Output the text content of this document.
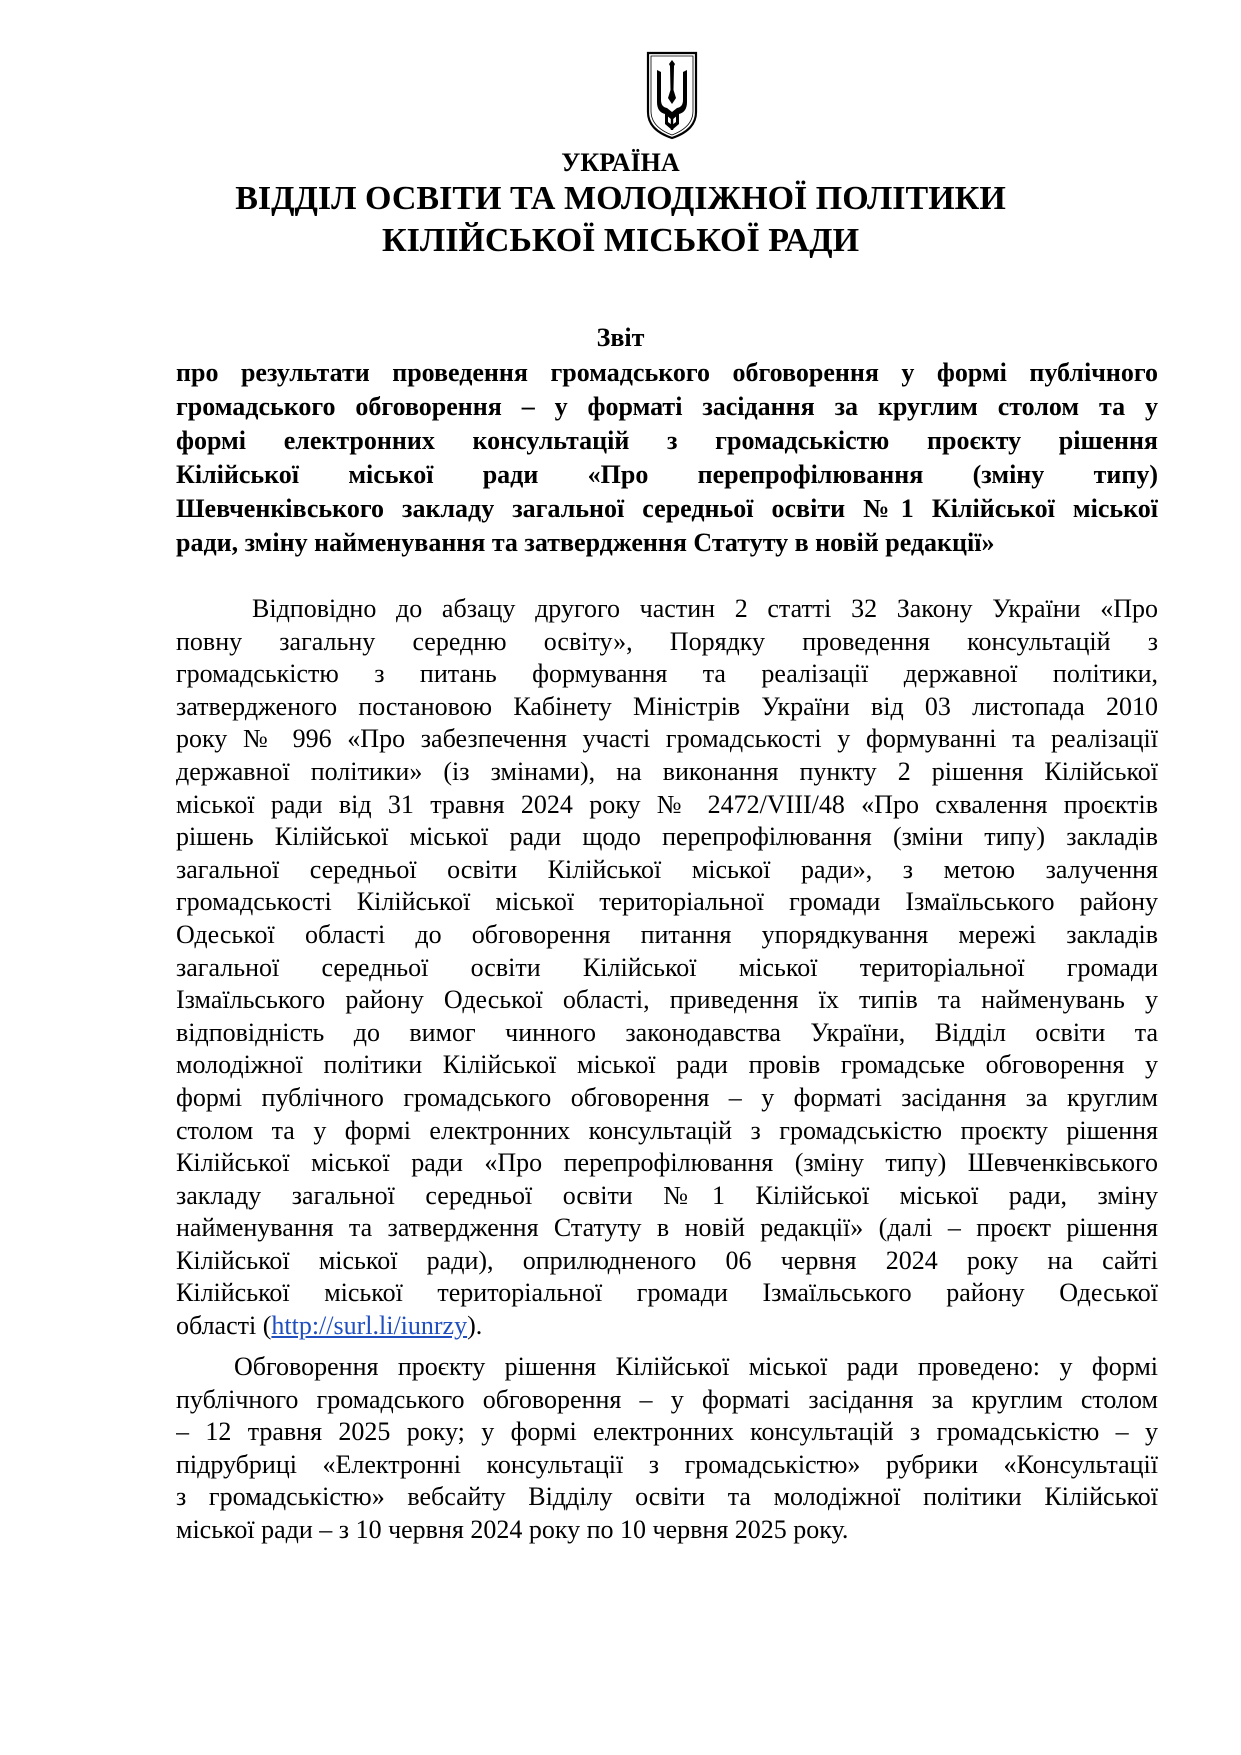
УКРАЇНА
ВІДДІЛ ОСВІТИ ТА МОЛОДІЖНОЇ ПОЛІТИКИ
КІЛІЙСЬКОЇ МІСЬКОЇ РАДИ
Звіт
про результати проведення громадського обговорення у формі публічного
громадського обговорення – у форматі засідання за круглим столом та у
формі електронних консультацій з громадськістю проєкту рішення
Кілійської міської ради «Про перепрофілювання (зміну типу)
Шевченківського закладу загальної середньої освіти №1 Кілійської міської
ради, зміну найменування та затвердження Статуту в новій редакції»
Відповідно до абзацу другого частин 2 статті 32 Закону України «Про
повну загальну середню освіту», Порядку проведення консультацій з
громадськістю з питань формування та реалізації державної політики,
затвердженого постановою Кабінету Міністрів України від 03 листопада 2010
року № 996 «Про забезпечення участі громадськості у формуванні та реалізації
державної політики» (із змінами), на виконання пункту 2 рішення Кілійської
міської ради від 31 травня 2024 року № 2472/VIII/48 «Про схвалення проєктів
рішень Кілійської міської ради щодо перепрофілювання (зміни типу) закладів
загальної середньої освіти Кілійської міської ради», з метою залучення
громадськості Кілійської міської територіальної громади Ізмаїльського району
Одеської області до обговорення питання упорядкування мережі закладів
загальної середньої освіти Кілійської міської територіальної громади
Ізмаїльського району Одеської області, приведення їх типів та найменувань у
відповідність до вимог чинного законодавства України, Відділ освіти та
молодіжної політики Кілійської міської ради провів громадське обговорення у
формі публічного громадського обговорення – у форматі засідання за круглим
столом та у формі електронних консультацій з громадськістю проєкту рішення
Кілійської міської ради «Про перепрофілювання (зміну типу) Шевченківського
закладу загальної середньої освіти №1 Кілійської міської ради, зміну
найменування та затвердження Статуту в новій редакції» (далі – проєкт рішення
Кілійської міської ради), оприлюдненого 06 червня 2024 року на сайті
Кілійської міської територіальної громади Ізмаїльського району Одеської
області (http://surl.li/iunrzy).
Обговорення проєкту рішення Кілійської міської ради проведено: у формі
публічного громадського обговорення – у форматі засідання за круглим столом
– 12 травня 2025 року; у формі електронних консультацій з громадськістю – у
підрубриці «Електронні консультації з громадськістю» рубрики «Консультації
з громадськістю» вебсайту Відділу освіти та молодіжної політики Кілійської
міської ради – з 10 червня 2024 року по 10 червня 2025 року.
